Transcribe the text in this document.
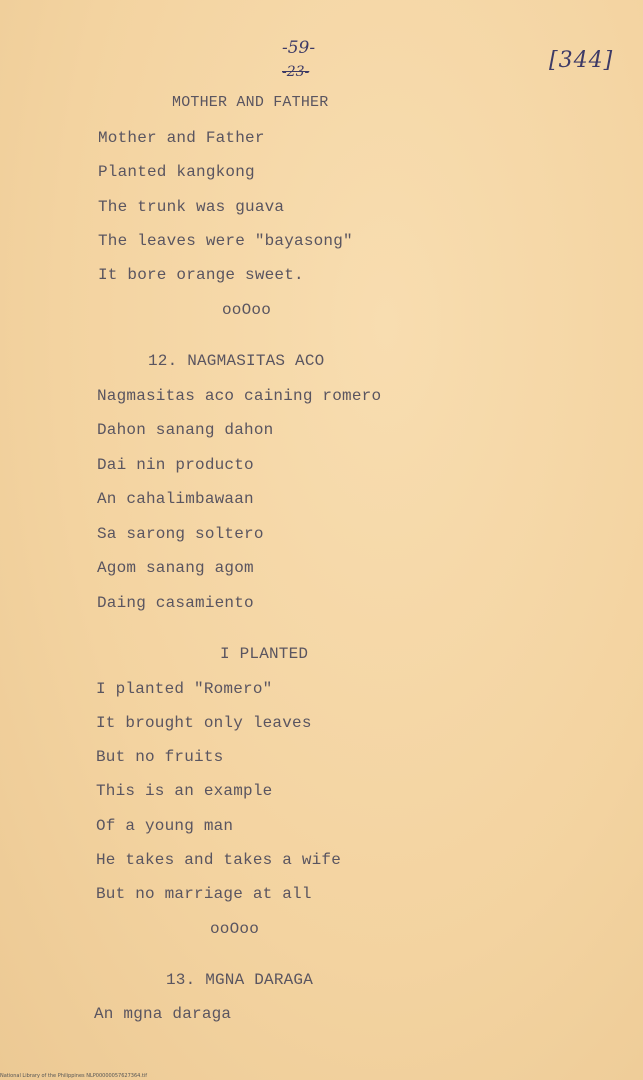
-59-
-23-	[344]
MOTHER AND FATHER
Mother and Father
Planted kangkong
The trunk was guava
The leaves were "bayasong"
It bore orange sweet.
ooOoo
12. NAGMASITAS ACO
Nagmasitas aco caining romero
Dahon sanang dahon
Dai nin producto
An cahalimbawaan
Sa sarong soltero
Agom sanang agom
Daing casamiento
I PLANTED
I planted "Romero"
It brought only leaves
But no fruits
This is an example
Of a young man
He takes and takes a wife
But no marriage at all
ooOoo
13. MGNA DARAGA
An mgna daraga
National Library of the Philippines NLP00000057627364.tif
